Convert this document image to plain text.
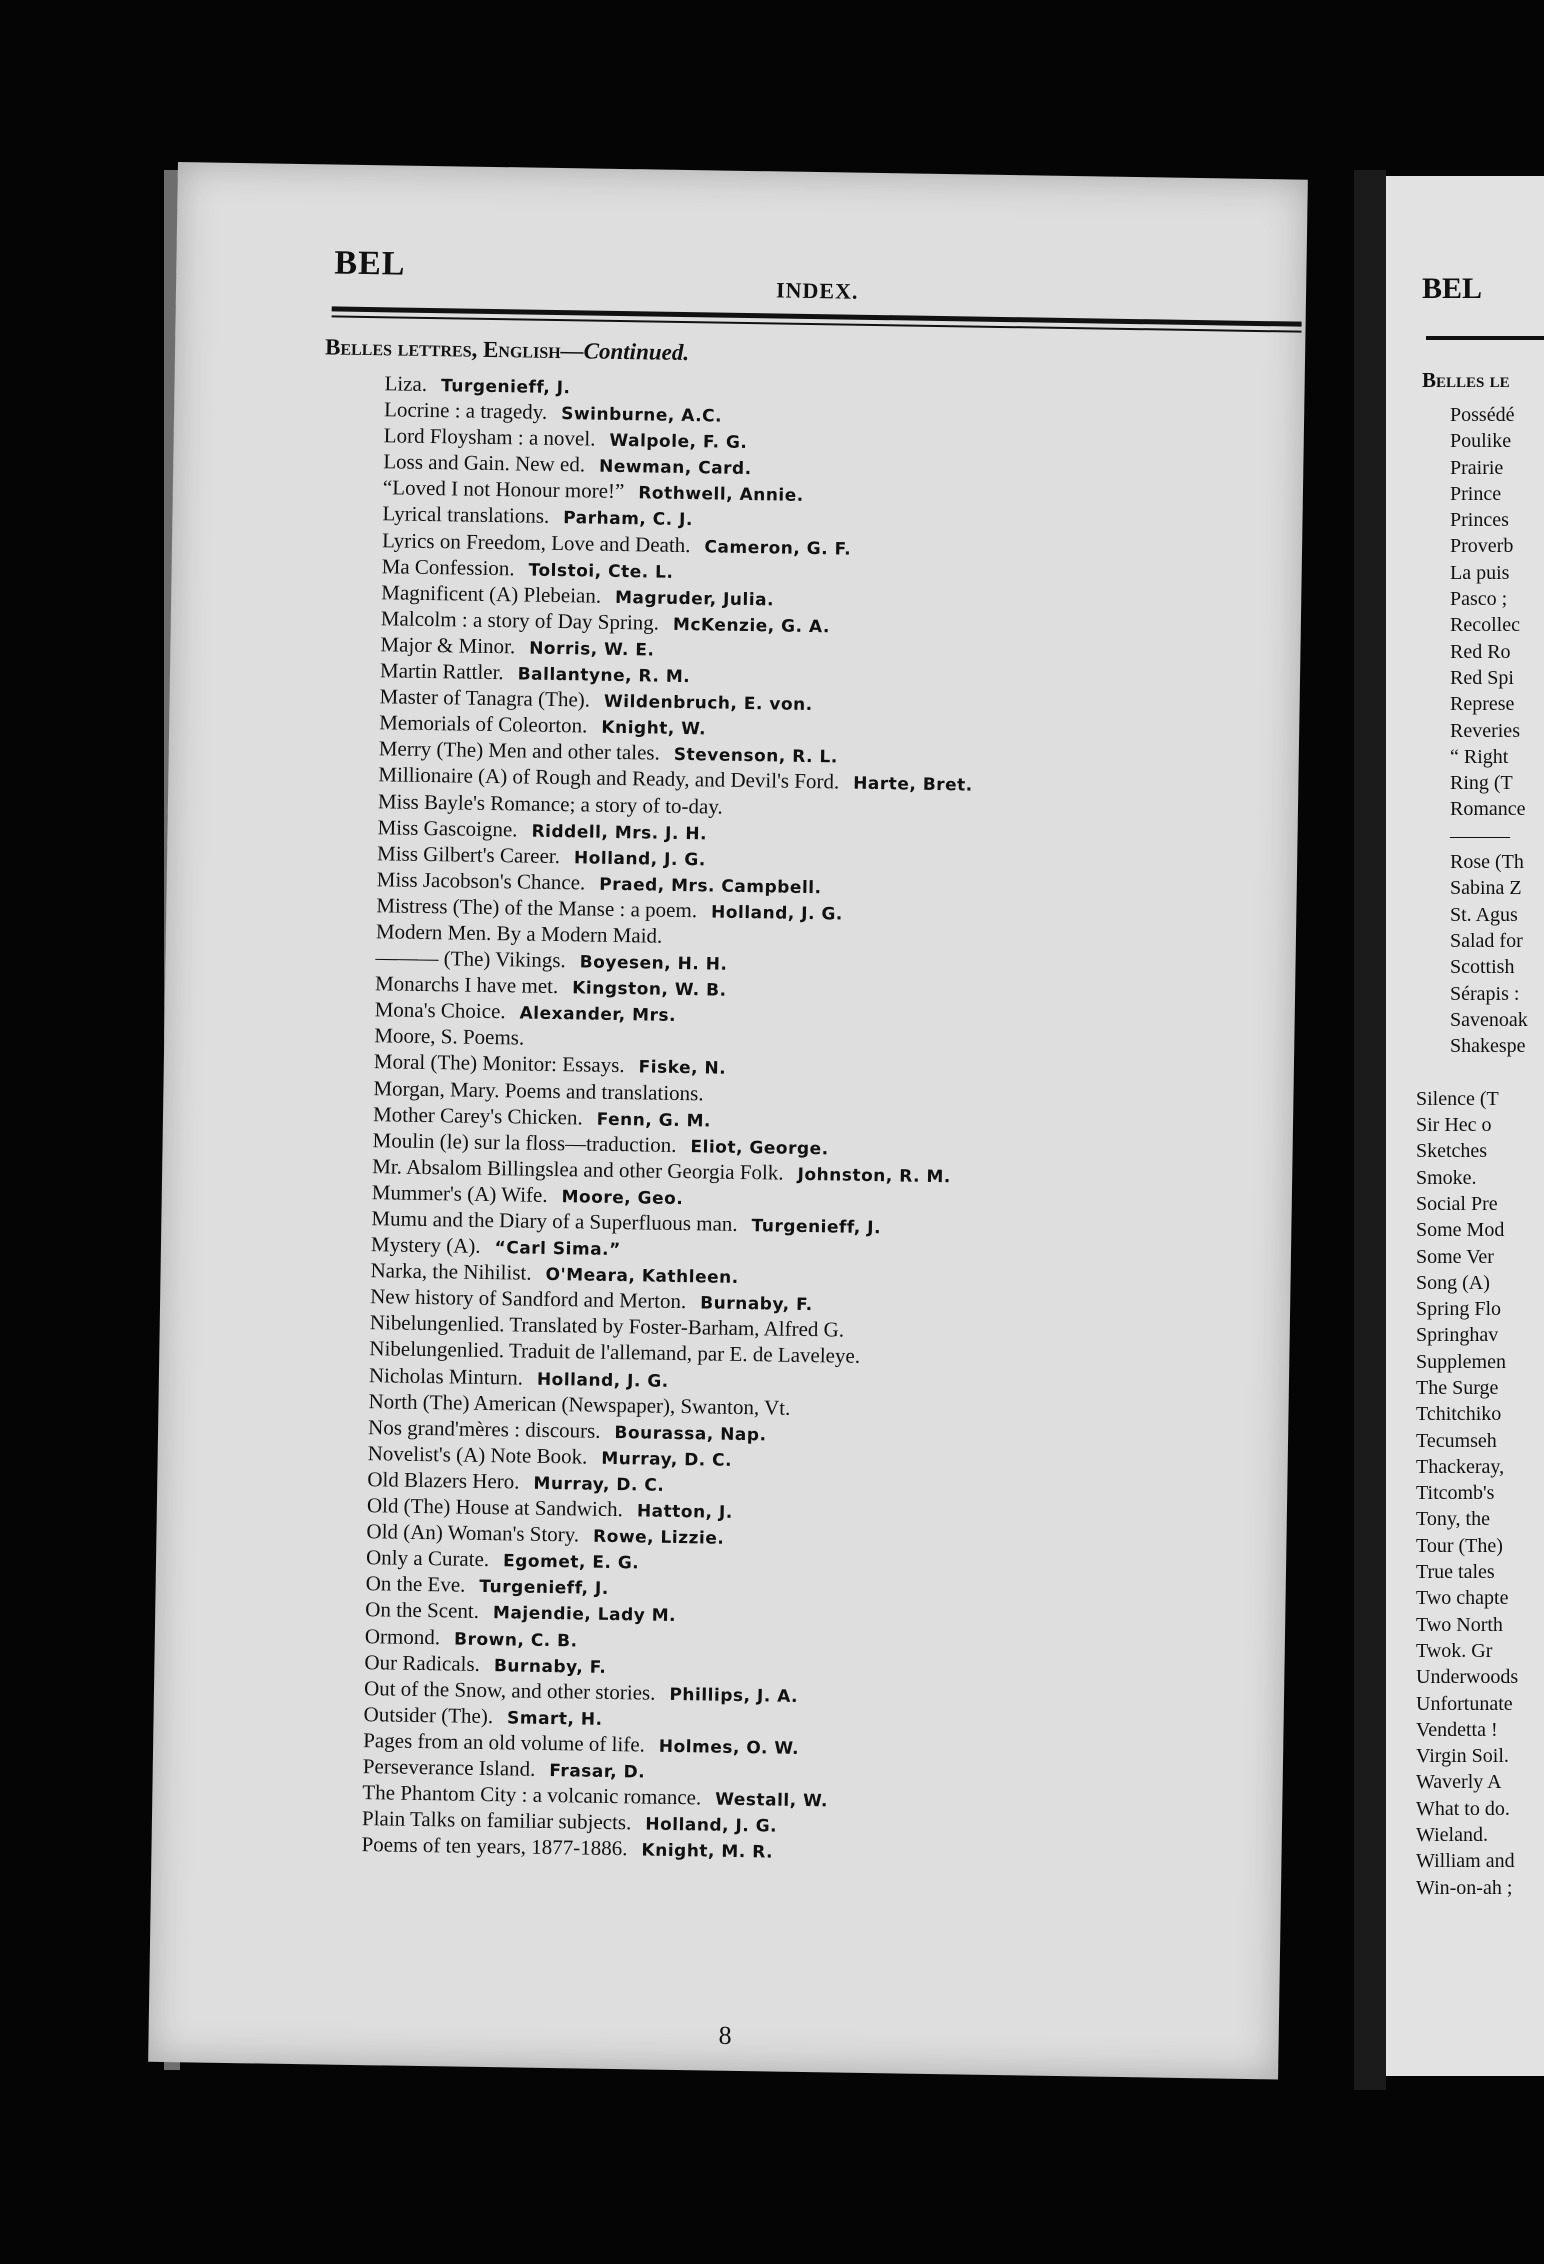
BEL
INDEX.
Belles lettres, English—Continued.
Liza. Turgenieff, J.
Locrine : a tragedy. Swinburne, A.C.
Lord Floysham : a novel. Walpole, F. G.
Loss and Gain. New ed. Newman, Card.
“Loved I not Honour more!” Rothwell, Annie.
Lyrical translations. Parham, C. J.
Lyrics on Freedom, Love and Death. Cameron, G. F.
Ma Confession. Tolstoi, Cte. L.
Magnificent (A) Plebeian. Magruder, Julia.
Malcolm : a story of Day Spring. McKenzie, G. A.
Major & Minor. Norris, W. E.
Martin Rattler. Ballantyne, R. M.
Master of Tanagra (The). Wildenbruch, E. von.
Memorials of Coleorton. Knight, W.
Merry (The) Men and other tales. Stevenson, R. L.
Millionaire (A) of Rough and Ready, and Devil's Ford. Harte, Bret.
Miss Bayle's Romance; a story of to-day.
Miss Gascoigne. Riddell, Mrs. J. H.
Miss Gilbert's Career. Holland, J. G.
Miss Jacobson's Chance. Praed, Mrs. Campbell.
Mistress (The) of the Manse : a poem. Holland, J. G.
Modern Men. By a Modern Maid.
——— (The) Vikings. Boyesen, H. H.
Monarchs I have met. Kingston, W. B.
Mona's Choice. Alexander, Mrs.
Moore, S. Poems.
Moral (The) Monitor: Essays. Fiske, N.
Morgan, Mary. Poems and translations.
Mother Carey's Chicken. Fenn, G. M.
Moulin (le) sur la floss—traduction. Eliot, George.
Mr. Absalom Billingslea and other Georgia Folk. Johnston, R. M.
Mummer's (A) Wife. Moore, Geo.
Mumu and the Diary of a Superfluous man. Turgenieff, J.
Mystery (A). “Carl Sima.”
Narka, the Nihilist. O'Meara, Kathleen.
New history of Sandford and Merton. Burnaby, F.
Nibelungenlied. Translated by Foster-Barham, Alfred G.
Nibelungenlied. Traduit de l'allemand, par E. de Laveleye.
Nicholas Minturn. Holland, J. G.
North (The) American (Newspaper), Swanton, Vt.
Nos grand'mères : discours. Bourassa, Nap.
Novelist's (A) Note Book. Murray, D. C.
Old Blazers Hero. Murray, D. C.
Old (The) House at Sandwich. Hatton, J.
Old (An) Woman's Story. Rowe, Lizzie.
Only a Curate. Egomet, E. G.
On the Eve. Turgenieff, J.
On the Scent. Majendie, Lady M.
Ormond. Brown, C. B.
Our Radicals. Burnaby, F.
Out of the Snow, and other stories. Phillips, J. A.
Outsider (The). Smart, H.
Pages from an old volume of life. Holmes, O. W.
Perseverance Island. Frasar, D.
The Phantom City : a volcanic romance. Westall, W.
Plain Talks on familiar subjects. Holland, J. G.
Poems of ten years, 1877-1886. Knight, M. R.
8
BEL
Belles le
Possédé
Poulike
Prairie
Prince
Princes
Proverb
La puis
Pasco ;
Recollec
Red Ro
Red Spi
Represe
Reveries
“ Right
Ring (T
Romance
———
Rose (Th
Sabina Z
St. Agus
Salad for
Scottish
Sérapis :
Savenoak
Shakespe
Silence (T
Sir Hec o
Sketches
Smoke.
Social Pre
Some Mod
Some Ver
Song (A)
Spring Flo
Springhav
Supplemen
The Surge
Tchitchiko
Tecumseh
Thackeray,
Titcomb's
Tony, the
Tour (The)
True tales
Two chapte
Two North
Twok. Gr
Underwoods
Unfortunate
Vendetta !
Virgin Soil.
Waverly A
What to do.
Wieland.
William and
Win-on-ah ;
